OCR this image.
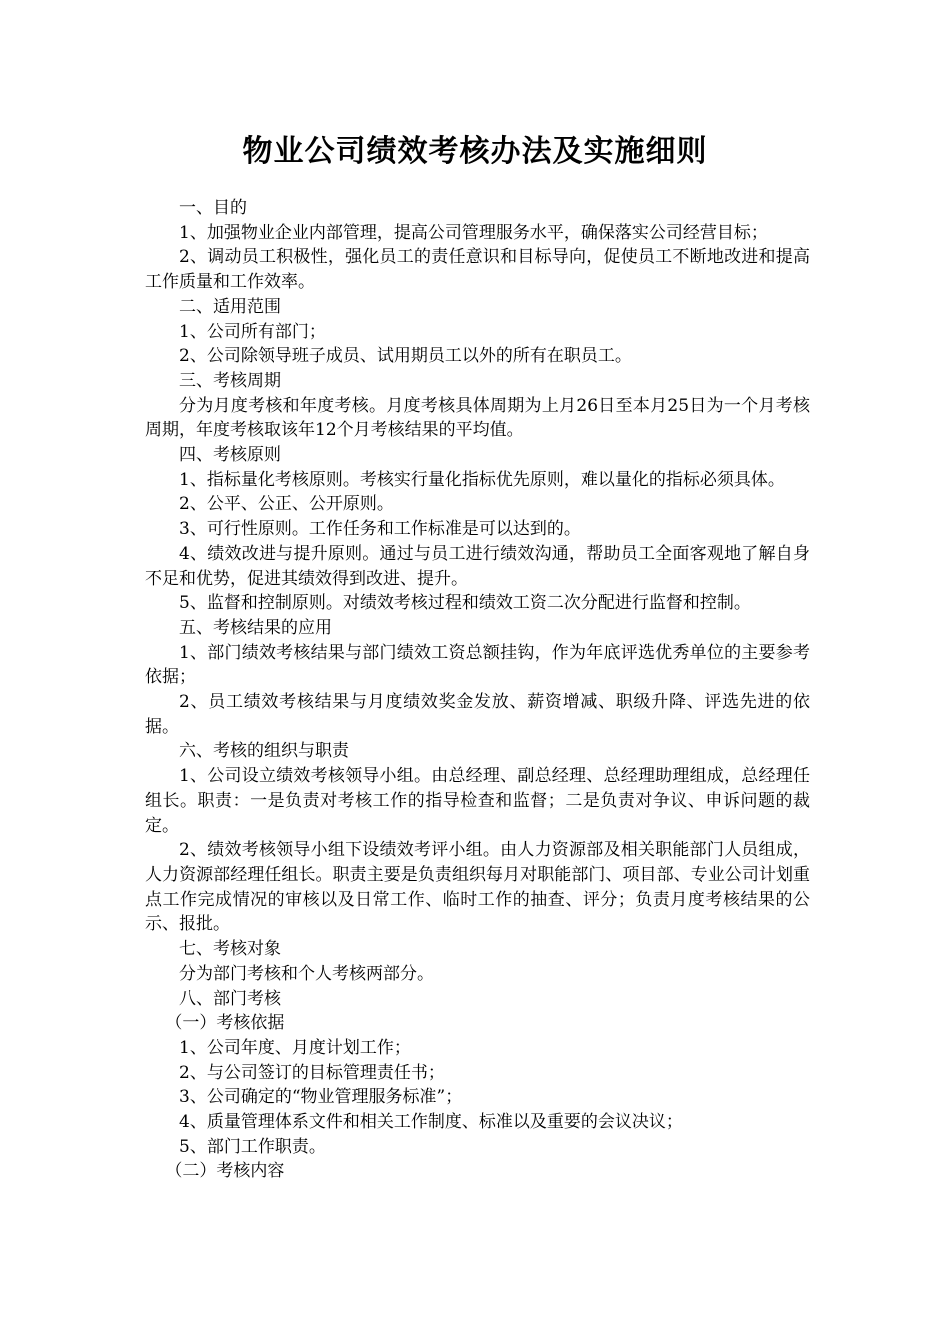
物业公司绩效考核办法及实施细则

一、目的

1、加强物业企业内部管理，提高公司管理服务水平，确保落实公司经营目标；

2、调动员工积极性，强化员工的责任意识和目标导向，促使员工不断地改进和提高工作质量和工作效率。

二、适用范围

1、公司所有部门；

2、公司除领导班子成员、试用期员工以外的所有在职员工。

三、考核周期

分为月度考核和年度考核。月度考核具体周期为上月26日至本月25日为一个月考核周期，年度考核取该年12个月考核结果的平均值。

四、考核原则

1、指标量化考核原则。考核实行量化指标优先原则，难以量化的指标必须具体。

2、公平、公正、公开原则。

3、可行性原则。工作任务和工作标准是可以达到的。

4、绩效改进与提升原则。通过与员工进行绩效沟通，帮助员工全面客观地了解自身不足和优势，促进其绩效得到改进、提升。

5、监督和控制原则。对绩效考核过程和绩效工资二次分配进行监督和控制。

五、考核结果的应用

1、部门绩效考核结果与部门绩效工资总额挂钩，作为年底评选优秀单位的主要参考依据；

2、员工绩效考核结果与月度绩效奖金发放、薪资增减、职级升降、评选先进的依据。

六、考核的组织与职责

1、公司设立绩效考核领导小组。由总经理、副总经理、总经理助理组成，总经理任组长。职责：一是负责对考核工作的指导检查和监督；二是负责对争议、申诉问题的裁定。

2、绩效考核领导小组下设绩效考评小组。由人力资源部及相关职能部门人员组成，人力资源部经理任组长。职责主要是负责组织每月对职能部门、项目部、专业公司计划重点工作完成情况的审核以及日常工作、临时工作的抽查、评分；负责月度考核结果的公示、报批。

七、考核对象

分为部门考核和个人考核两部分。

八、部门考核

（一）考核依据

1、公司年度、月度计划工作；

2、与公司签订的目标管理责任书；

3、公司确定的“物业管理服务标准”；

4、质量管理体系文件和相关工作制度、标准以及重要的会议决议；

5、部门工作职责。

（二）考核内容
